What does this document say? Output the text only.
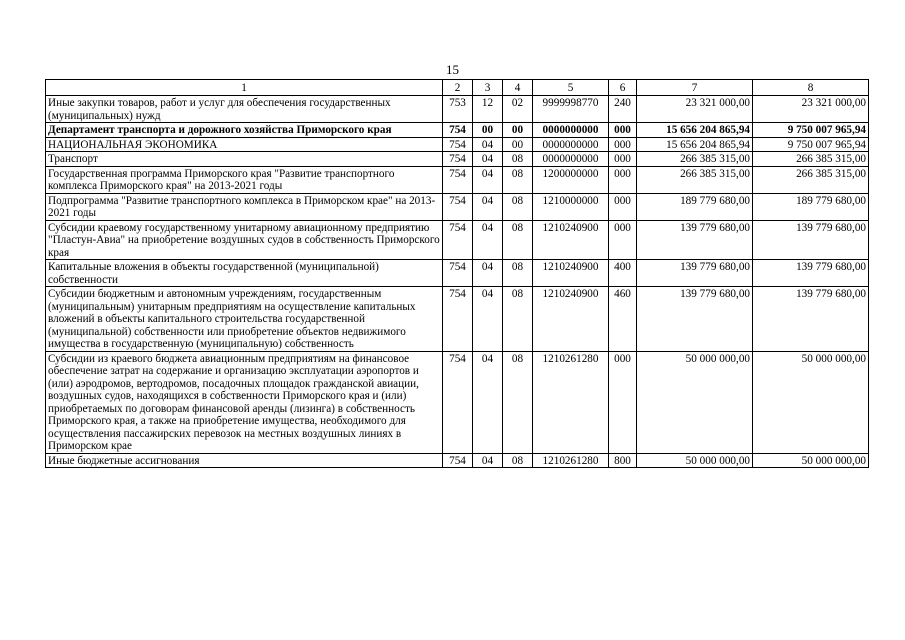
15
1	2	3	4	5	6	7	8
Иные закупки товаров, работ и услуг для обеспечения государственных (муниципальных) нужд	753	12	02	9999998770	240	23 321 000,00	23 321 000,00
Департамент транспорта и дорожного хозяйства Приморского края	754	00	00	0000000000	000	15 656 204 865,94	9 750 007 965,94
НАЦИОНАЛЬНАЯ ЭКОНОМИКА	754	04	00	0000000000	000	15 656 204 865,94	9 750 007 965,94
Транспорт	754	04	08	0000000000	000	266 385 315,00	266 385 315,00
Государственная программа Приморского края "Развитие транспортного комплекса Приморского края" на 2013-2021 годы	754	04	08	1200000000	000	266 385 315,00	266 385 315,00
Подпрограмма "Развитие транспортного комплекса в Приморском крае" на 2013-2021 годы	754	04	08	1210000000	000	189 779 680,00	189 779 680,00
Субсидии краевому государственному унитарному авиационному предприятию "Пластун-Авиа" на приобретение воздушных судов в собственность Приморского края	754	04	08	1210240900	000	139 779 680,00	139 779 680,00
Капитальные вложения в объекты государственной (муниципальной) собственности	754	04	08	1210240900	400	139 779 680,00	139 779 680,00
Субсидии бюджетным и автономным учреждениям, государственным (муниципальным) унитарным предприятиям на осуществление капитальных вложений в объекты капитального строительства государственной (муниципальной) собственности или приобретение объектов недвижимого имущества в государственную (муниципальную) собственность	754	04	08	1210240900	460	139 779 680,00	139 779 680,00
Субсидии из краевого бюджета авиационным предприятиям на финансовое обеспечение затрат на содержание и организацию эксплуатации аэропортов и (или) аэродромов, вертодромов, посадочных площадок гражданской авиации, воздушных судов, находящихся в собственности Приморского края и (или) приобретаемых по договорам финансовой аренды (лизинга) в собственность Приморского края, а также на приобретение имущества, необходимого для осуществления пассажирских перевозок на местных воздушных линиях в Приморском крае	754	04	08	1210261280	000	50 000 000,00	50 000 000,00
Иные бюджетные ассигнования	754	04	08	1210261280	800	50 000 000,00	50 000 000,00
